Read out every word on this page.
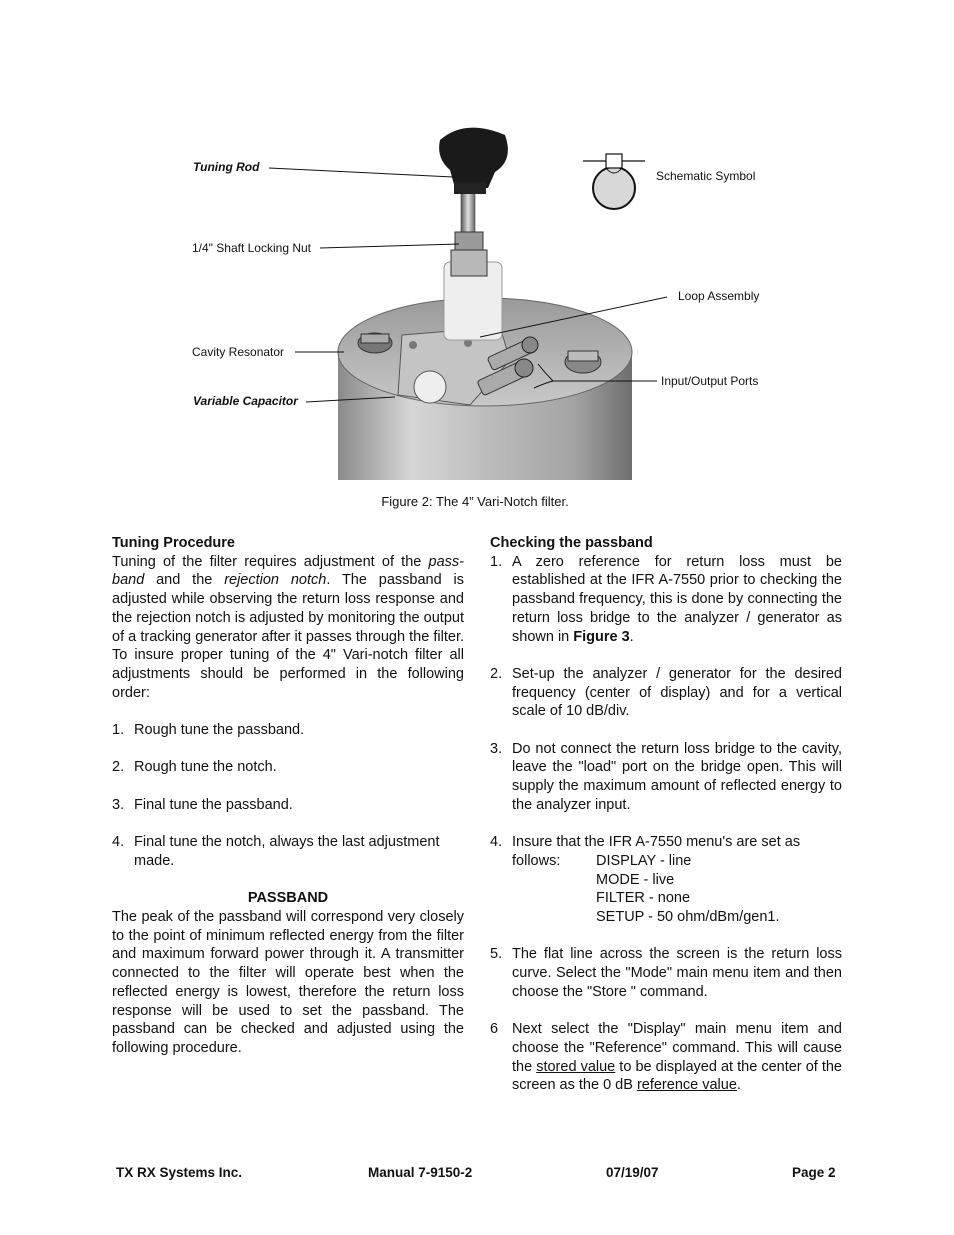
Tuning Rod
1/4" Shaft Locking Nut
Cavity Resonator
Variable Capacitor
Schematic Symbol
Loop Assembly
Input/Output Ports
Figure 2: The 4” Vari-Notch filter.

Tuning Procedure

Tuning of the filter requires adjustment of the pass-band and the rejection notch. The passband is adjusted while observing the return loss response and the rejection notch is adjusted by monitoring the output of a tracking generator after it passes through the filter. To insure proper tuning of the 4" Vari-notch filter all adjustments should be performed in the following order:

1. Rough tune the passband.
2. Rough tune the notch.
3. Final tune the passband.
4. Final tune the notch, always the last adjustment made.

PASSBAND

The peak of the passband will correspond very closely to the point of minimum reflected energy from the filter and maximum forward power through it. A transmitter connected to the filter will operate best when the reflected energy is lowest, therefore the return loss response will be used to set the passband. The passband can be checked and adjusted using the following procedure.

Checking the passband

1. A zero reference for return loss must be established at the IFR A-7550 prior to checking the passband frequency, this is done by connecting the return loss bridge to the analyzer / generator as shown in Figure 3.
2. Set-up the analyzer / generator for the desired frequency (center of display) and for a vertical scale of 10 dB/div.
3. Do not connect the return loss bridge to the cavity, leave the "load" port on the bridge open. This will supply the maximum amount of reflected energy to the analyzer input.
4. Insure that the IFR A-7550 menu's are set as
follows:	DISPLAY - line
MODE - live
FILTER - none
SETUP - 50 ohm/dBm/gen1.
5. The flat line across the screen is the return loss curve. Select the "Mode" main menu item and then choose the "Store " command.
6 Next select the "Display" main menu item and choose the "Reference" command. This will cause the stored value to be displayed at the center of the screen as the 0 dB reference value.
TX RX Systems Inc.	Manual 7-9150-2	07/19/07	Page 2
